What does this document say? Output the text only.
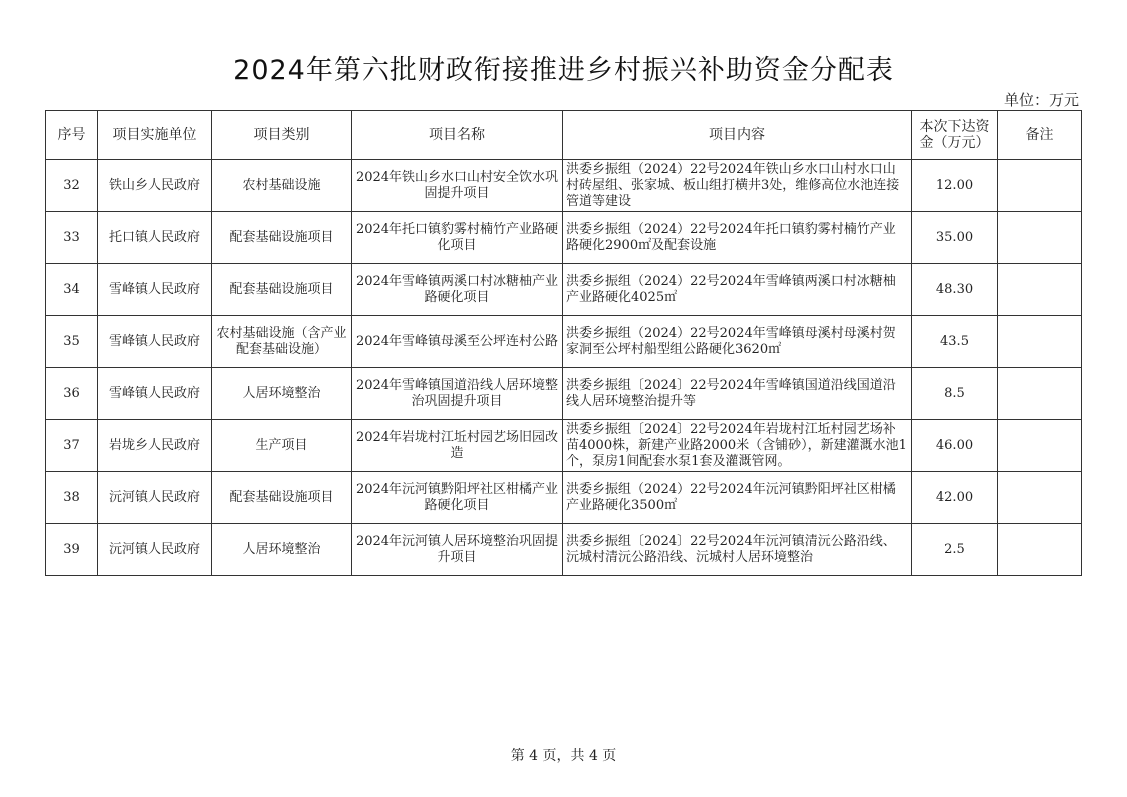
2024年第六批财政衔接推进乡村振兴补助资金分配表
单位：万元
序号	项目实施单位	项目类别	项目名称	项目内容	本次下达资金（万元）	备注
32	铁山乡人民政府	农村基础设施	2024年铁山乡水口山村安全饮水巩固提升项目	洪委乡振组（2024）22号2024年铁山乡水口山村水口山村砖屋组、张家城、板山组打横井3处，维修高位水池连接管道等建设	12.00	
33	托口镇人民政府	配套基础设施项目	2024年托口镇豹雾村楠竹产业路硬化项目	洪委乡振组（2024）22号2024年托口镇豹雾村楠竹产业路硬化2900㎡及配套设施	35.00	
34	雪峰镇人民政府	配套基础设施项目	2024年雪峰镇两溪口村冰糖柚产业路硬化项目	洪委乡振组（2024）22号2024年雪峰镇两溪口村冰糖柚产业路硬化4025㎡	48.30	
35	雪峰镇人民政府	农村基础设施（含产业配套基础设施）	2024年雪峰镇母溪至公坪连村公路	洪委乡振组（2024）22号2024年雪峰镇母溪村母溪村贺家洞至公坪村船型组公路硬化3620㎡	43.5	
36	雪峰镇人民政府	人居环境整治	2024年雪峰镇国道沿线人居环境整治巩固提升项目	洪委乡振组〔2024〕22号2024年雪峰镇国道沿线国道沿线人居环境整治提升等	8.5	
37	岩垅乡人民政府	生产项目	2024年岩垅村江坵村园艺场旧园改造	洪委乡振组〔2024〕22号2024年岩垅村江坵村园艺场补苗4000株，新建产业路2000米（含铺砂），新建灌溉水池1个，泵房1间配套水泵1套及灌溉管网。	46.00	
38	沅河镇人民政府	配套基础设施项目	2024年沅河镇黔阳坪社区柑橘产业路硬化项目	洪委乡振组（2024）22号2024年沅河镇黔阳坪社区柑橘产业路硬化3500㎡	42.00	
39	沅河镇人民政府	人居环境整治	2024年沅河镇人居环境整治巩固提升项目	洪委乡振组〔2024〕22号2024年沅河镇清沅公路沿线、沅城村清沅公路沿线、沅城村人居环境整治	2.5	
第 4 页，共 4 页
